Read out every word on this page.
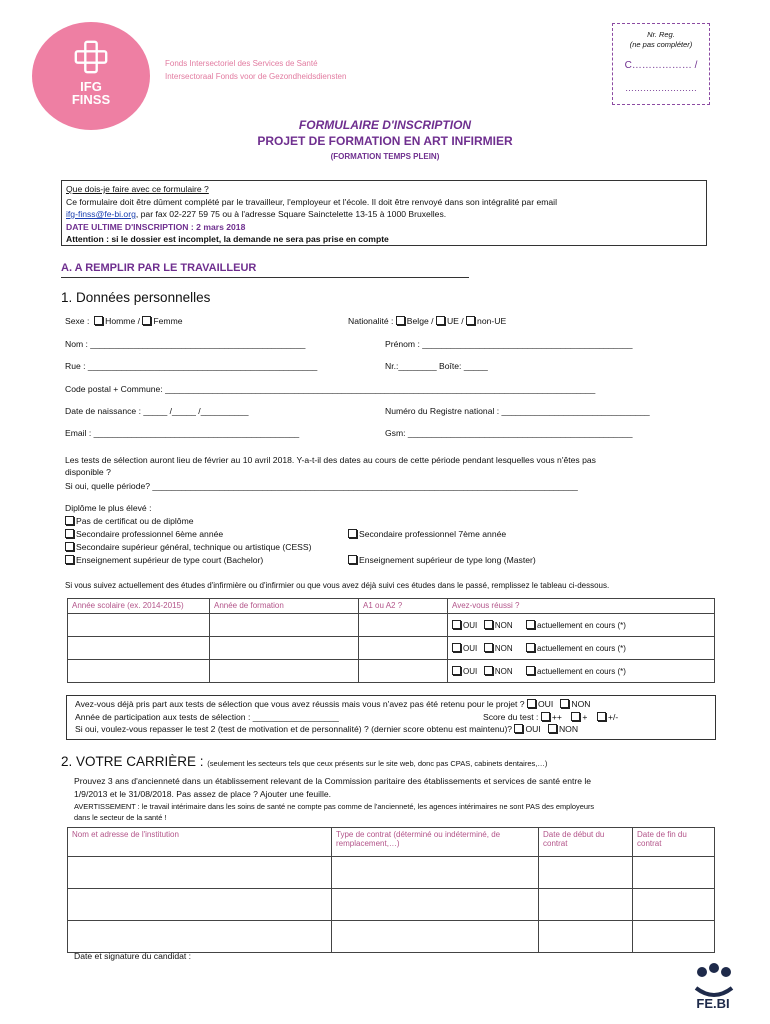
IFG
FINSS
Fonds Intersectoriel des Services de Santé
Intersectoraal Fonds voor de Gezondheidsdiensten
Nr. Reg.
(ne pas compléter)
C……………… /
……………………
FORMULAIRE D'INSCRIPTION
PROJET DE FORMATION EN ART INFIRMIER
(FORMATION TEMPS PLEIN)
Que dois-je faire avec ce formulaire ?
Ce formulaire doit être dûment complété par le travailleur, l'employeur et l'école. Il doit être renvoyé dans son intégralité par email
ifg-finss@fe-bi.org, par fax 02-227 59 75 ou à l'adresse Square Sainctelette 13-15 à 1000 Bruxelles.
DATE ULTIME D'INSCRIPTION : 2 mars 2018
Attention : si le dossier est incomplet, la demande ne sera pas prise en compte
A. A REMPLIR PAR LE TRAVAILLEUR
1. Données personnelles
Sexe : Homme / Femme	Nationalité : Belge / UE / non-UE
Nom : _____________________________________________	Prénom : ____________________________________________
Rue : ________________________________________________	Nr.:________ Boîte: _____
Code postal + Commune: __________________________________________________________________________________________
Date de naissance : _____ /_____ /__________	Numéro du Registre national : _______________________________
Email : ___________________________________________	Gsm: _______________________________________________
Les tests de sélection auront lieu de février au 10 avril 2018. Y-a-t-il des dates au cours de cette période pendant lesquelles vous n'êtes pas
disponible ?
Si oui, quelle période? _________________________________________________________________________________________
Diplôme le plus élevé :
Pas de certificat ou de diplôme
Secondaire professionnel 6ème année	Secondaire professionnel 7ème année
Secondaire supérieur général, technique ou artistique (CESS)
Enseignement supérieur de type court (Bachelor)	Enseignement supérieur de type long (Master)
Si vous suivez actuellement des études d'infirmière ou d'infirmier ou que vous avez déjà suivi ces études dans le passé, remplissez le tableau ci-dessous.
Année scolaire (ex. 2014-2015)	Année de formation	A1 ou A2 ?	Avez-vous réussi ?
			OUI NON actuellement en cours (*)
			OUI NON actuellement en cours (*)
			OUI NON actuellement en cours (*)
Avez-vous déjà pris part aux tests de sélection que vous avez réussis mais vous n'avez pas été retenu pour le projet ? OUI NON
Année de participation aux tests de sélection : __________________	Score du test : ++ + +/-
Si oui, voulez-vous repasser le test 2 (test de motivation et de personnalité) ? (dernier score obtenu est maintenu)? OUI NON
2. VOTRE CARRIÈRE : (seulement les secteurs tels que ceux présents sur le site web, donc pas CPAS, cabinets dentaires,…)
Prouvez 3 ans d'ancienneté dans un établissement relevant de la Commission paritaire des établissements et services de santé entre le
1/9/2013 et le 31/08/2018. Pas assez de place ? Ajouter une feuille.
AVERTISSEMENT : le travail intérimaire dans les soins de santé ne compte pas comme de l'ancienneté, les agences intérimaires ne sont PAS des employeurs
dans le secteur de la santé !
Nom et adresse de l'institution	Type de contrat (déterminé ou indéterminé, de remplacement,…)	Date de début du contrat	Date de fin du contrat

Date et signature du candidat :
FE.BI
